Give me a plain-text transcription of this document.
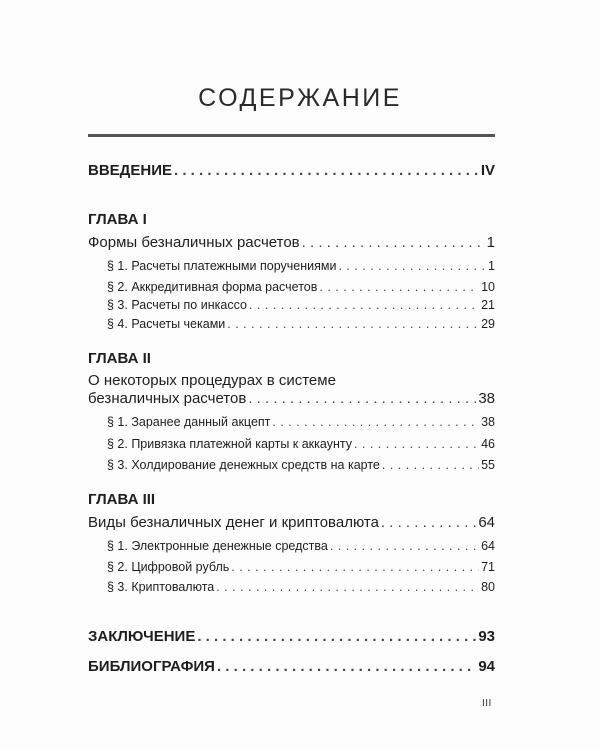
СОДЕРЖАНИЕ
ВВЕДЕНИЕ . . .	IV
ГЛАВА I
Формы безналичных расчетов . . .	1
§ 1. Расчеты платежными поручениями . . .	1
§ 2. Аккредитивная форма расчетов . . .	10
§ 3. Расчеты по инкассо . . .	21
§ 4. Расчеты чеками . . .	29
ГЛАВА II
О некоторых процедурах в системе
безналичных расчетов . . .	38
§ 1. Заранее данный акцепт . . .	38
§ 2. Привязка платежной карты к аккаунту . . .	46
§ 3. Холдирование денежных средств на карте . . .	55
ГЛАВА III
Виды безналичных денег и криптовалюта . . .	64
§ 1. Электронные денежные средства . . .	64
§ 2. Цифровой рубль . . .	71
§ 3. Криптовалюта . . .	80
ЗАКЛЮЧЕНИЕ . . .	93
БИБЛИОГРАФИЯ . . .	94
III
